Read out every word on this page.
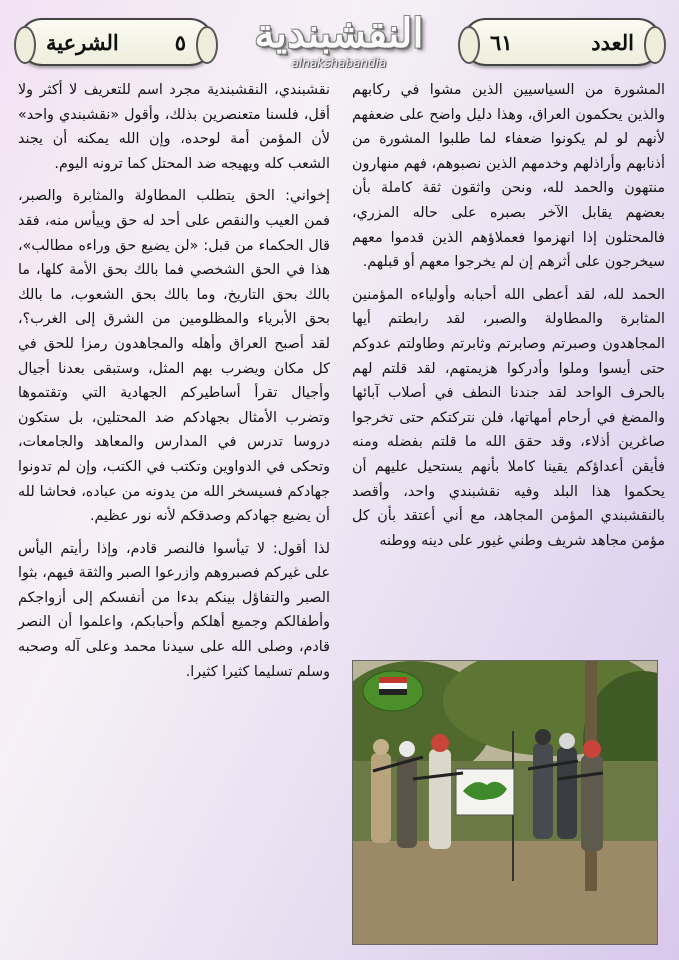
الشرعية	٥	النقشبندية
alnakshabandia
٦١	العدد

المشورة من السياسيين الذين مشوا في ركابهم والذين يحكمون العراق، وهذا دليل واضح على ضعفهم لأنهم لو لم يكونوا ضعفاء لما طلبوا المشورة من أذنابهم وأراذلهم وخدمهم الذين نصبوهم، فهم منهارون منتهون والحمد لله، ونحن واثقون ثقة كاملة بأن بعضهم يقابل الآخر بصبره على حاله المزري، فالمحتلون إذا انهزموا فعملاؤهم الذين قدموا معهم سيخرجون على أثرهم إن لم يخرجوا معهم أو قبلهم.

الحمد لله، لقد أعطى الله أحبابه وأولياءه المؤمنين المثابرة والمطاولة والصبر، لقد رابطتم أيها المجاهدون وصبرتم وصابرتم وثابرتم وطاولتم عدوكم حتى أيسوا وملوا وأدركوا هزيمتهم، لقد قلتم لهم بالحرف الواحد لقد جندنا النطف في أصلاب آبائها والمضغ في أرحام أمهاتها، فلن نتركتكم حتى تخرجوا صاغرين أذلاء، وقد حقق الله ما قلتم بفضله ومنه فأيقن أعداؤكم يقينا كاملا بأنهم يستحيل عليهم أن يحكموا هذا البلد وفيه نقشبندي واحد، وأقصد بالنقشبندي المؤمن المجاهد، مع أني أعتقد بأن كل مؤمن مجاهد شريف وطني غيور على دينه ووطنه

نقشبندي، النقشبندية مجرد اسم للتعريف لا أكثر ولا أقل، فلسنا متعنصرين بذلك، وأقول «نقشبندي واحد» لأن المؤمن أمة لوحده، وإن الله يمكنه أن يجند الشعب كله ويهيجه ضد المحتل كما ترونه اليوم.

إخواني: الحق يتطلب المطاولة والمثابرة والصبر، فمن العيب والنقص على أحد له حق وييأس منه، فقد قال الحكماء من قبل: «لن يضيع حق وراءه مطالب»، هذا في الحق الشخصي فما بالك بحق الأمة كلها، ما بالك بحق التاريخ، وما بالك بحق الشعوب، ما بالك بحق الأبرياء والمظلومين من الشرق إلى الغرب؟، لقد أصبح العراق وأهله والمجاهدون رمزا للحق في كل مكان ويضرب بهم المثل، وستبقى بعدنا أجيال وأجيال تقرأ أساطيركم الجهادية التي وتقتموها وتضرب الأمثال بجهادكم ضد المحتلين، بل ستكون دروسا تدرس في المدارس والمعاهد والجامعات، وتحكى في الدواوين وتكتب في الكتب، وإن لم تدونوا جهادكم فسيسخر الله من يدونه من عباده، فحاشا لله أن يضيع جهادكم وصدقكم لأنه نور عظيم.

لذا أقول: لا تيأسوا فالنصر قادم، وإذا رأيتم اليأس على غيركم فصبروهم وازرعوا الصبر والثقة فيهم، بثوا الصبر والتفاؤل بينكم بدءا من أنفسكم إلى أزواجكم وأطفالكم وجميع أهلكم وأحبابكم، واعلموا أن النصر قادم، وصلى الله على سيدنا محمد وعلى آله وصحبه وسلم تسليما كثيرا كثيرا.
